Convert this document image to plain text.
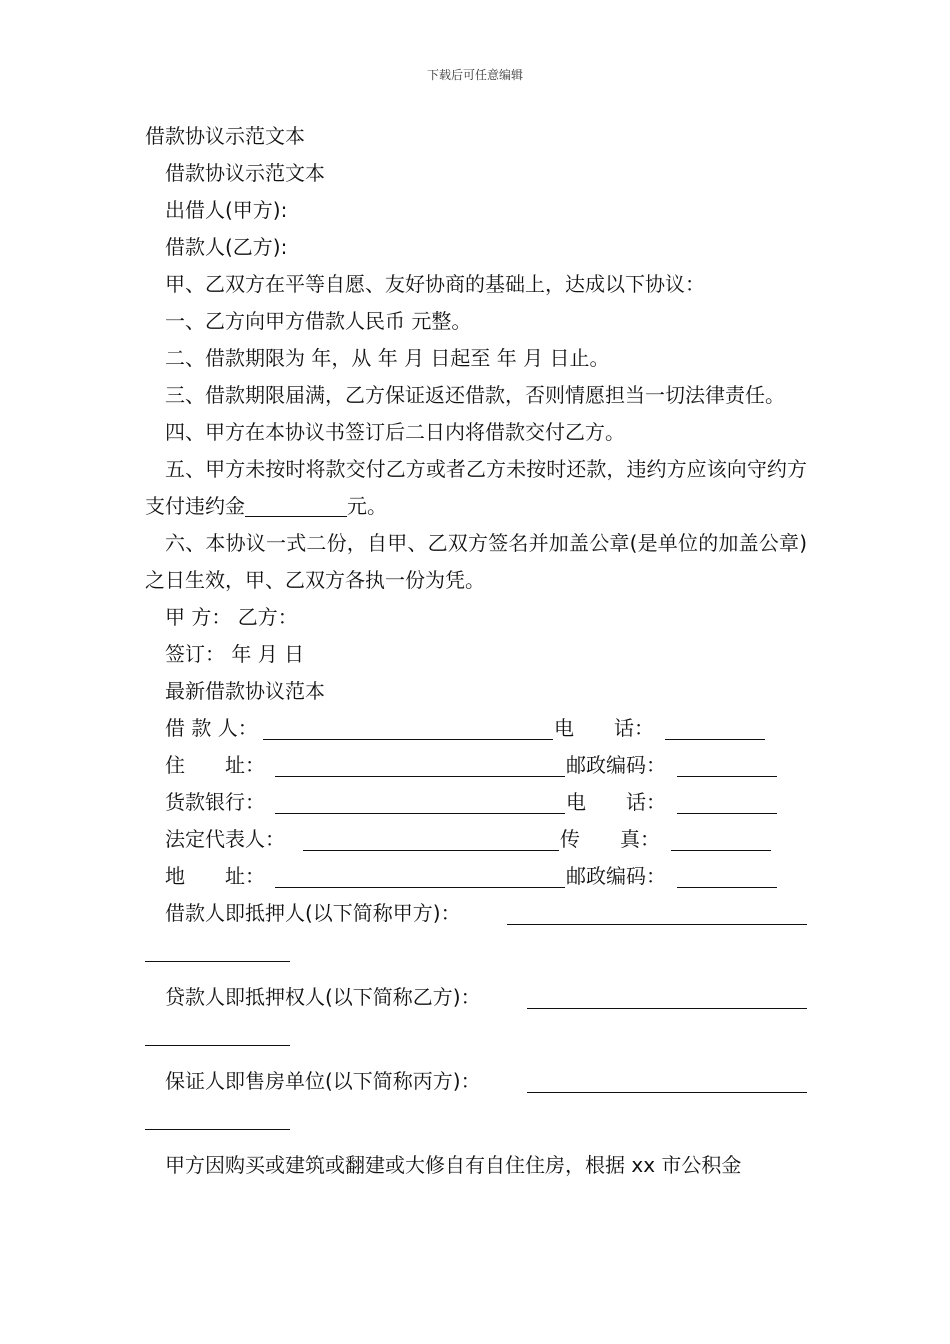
下载后可任意编辑
借款协议示范文本
借款协议示范文本
出借人(甲方):
借款人(乙方):
甲、乙双方在平等自愿、友好协商的基础上，达成以下协议：
一、乙方向甲方借款人民币 元整。
二、借款期限为 年，从 年 月 日起至 年 月 日止。
三、借款期限届满，乙方保证返还借款，否则情愿担当一切法律责任。
四、甲方在本协议书签订后二日内将借款交付乙方。
五、甲方未按时将款交付乙方或者乙方未按时还款，违约方应该向守约方支付违约金	元。
六、本协议一式二份，自甲、乙双方签名并加盖公章(是单位的加盖公章)之日生效，甲、乙双方各执一份为凭。
甲 方： 乙方：
签订： 年 月 日
最新借款协议范本
借 款 人：	电　　话：
住　　址：	邮政编码：
货款银行：	电　　话：
法定代表人：	传　　真：
地　　址：	邮政编码：
借款人即抵押人(以下简称甲方)：
贷款人即抵押权人(以下简称乙方)：
保证人即售房单位(以下简称丙方)：
甲方因购买或建筑或翻建或大修自有自住住房，根据 xx 市公积金
